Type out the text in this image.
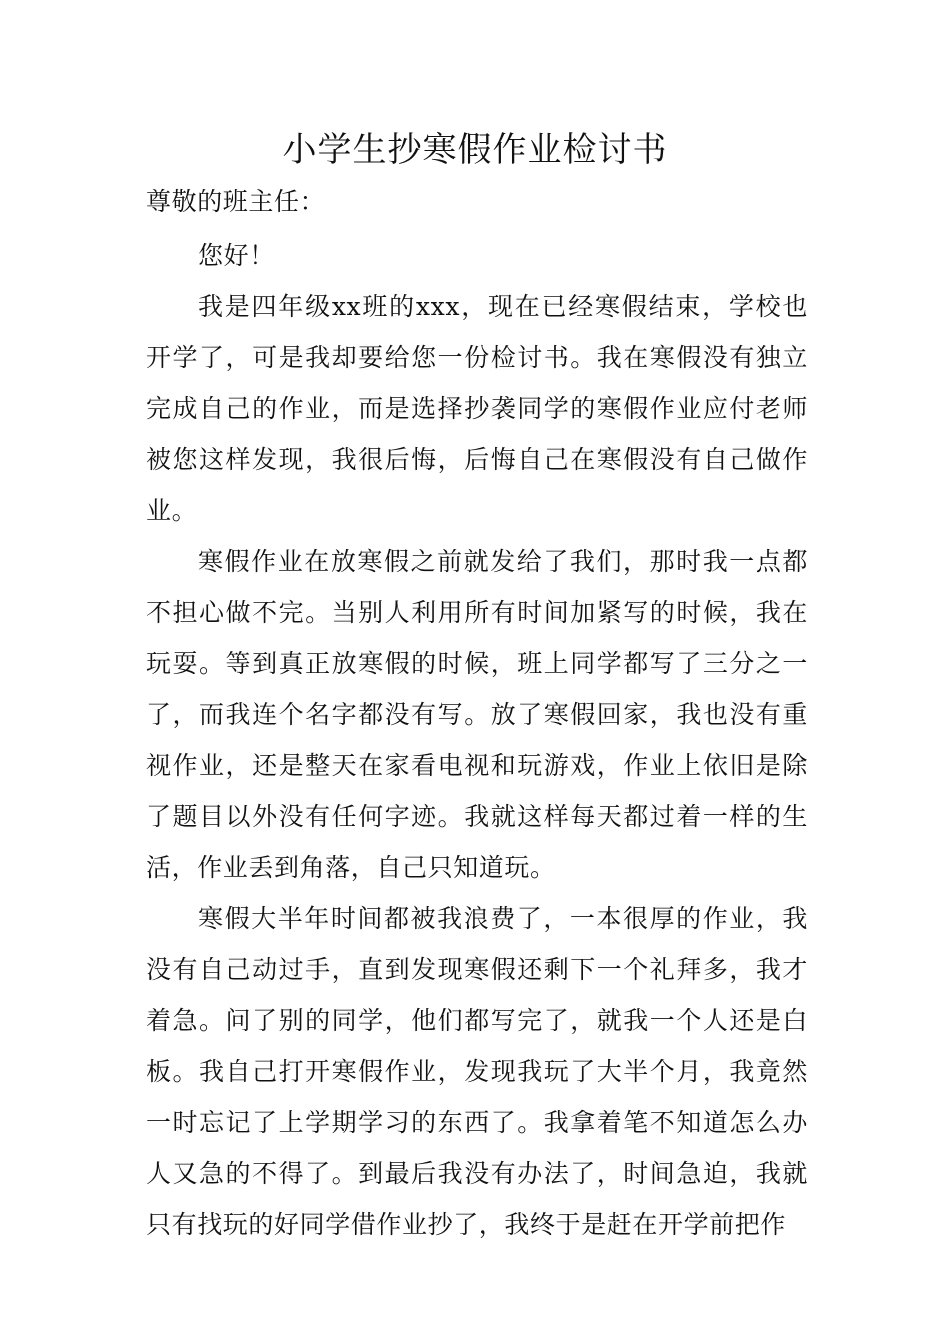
小学生抄寒假作业检讨书

尊敬的班主任：

您好！

我是四年级xx班的xxx，现在已经寒假结束，学校也开学了，可是我却要给您一份检讨书。我在寒假没有独立完成自己的作业，而是选择抄袭同学的寒假作业应付老师被您这样发现，我很后悔，后悔自己在寒假没有自己做作业。

寒假作业在放寒假之前就发给了我们，那时我一点都不担心做不完。当别人利用所有时间加紧写的时候，我在玩耍。等到真正放寒假的时候，班上同学都写了三分之一了，而我连个名字都没有写。放了寒假回家，我也没有重视作业，还是整天在家看电视和玩游戏，作业上依旧是除了题目以外没有任何字迹。我就这样每天都过着一样的生活，作业丢到角落，自己只知道玩。

寒假大半年时间都被我浪费了，一本很厚的作业，我没有自己动过手，直到发现寒假还剩下一个礼拜多，我才着急。问了别的同学，他们都写完了，就我一个人还是白板。我自己打开寒假作业，发现我玩了大半个月，我竟然一时忘记了上学期学习的东西了。我拿着笔不知道怎么办人又急的不得了。到最后我没有办法了，时间急迫，我就只有找玩的好同学借作业抄了，我终于是赶在开学前把作
